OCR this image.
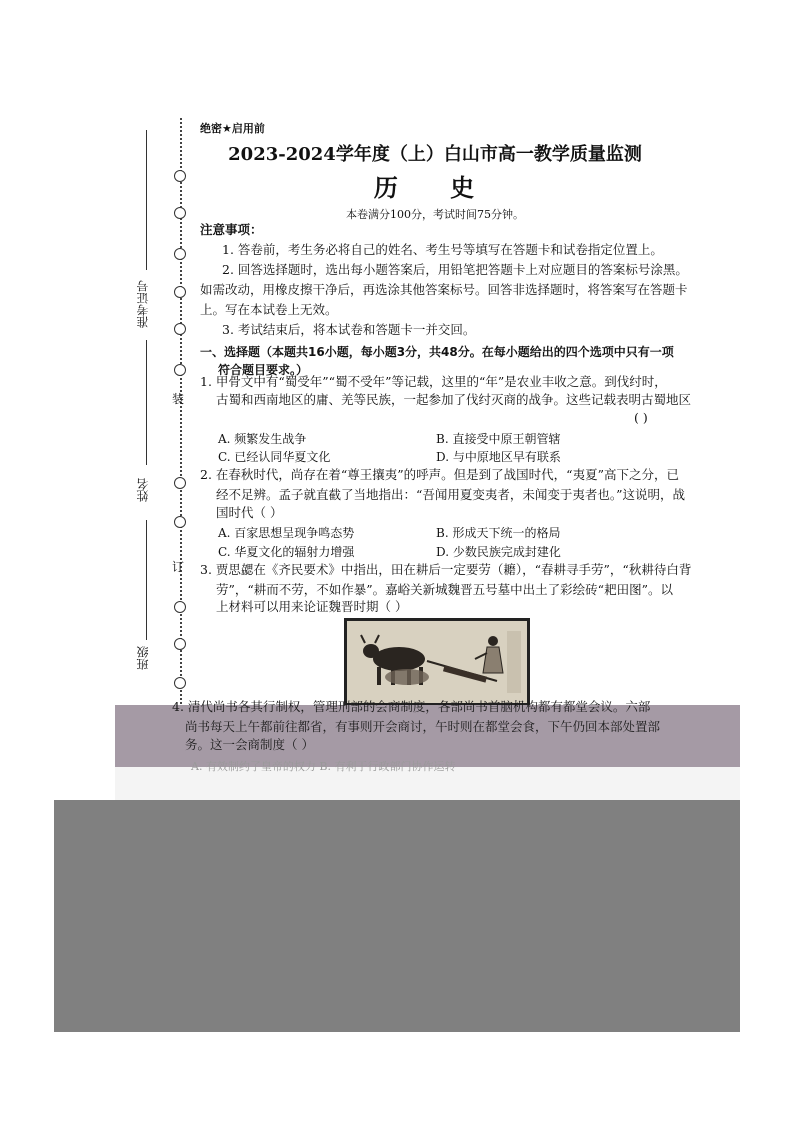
装
订
准考证号
姓名
班级
绝密★启用前
2023-2024学年度（上）白山市高一教学质量监测
历 史
本卷满分100分，考试时间75分钟。
注意事项：
1. 答卷前，考生务必将自己的姓名、考生号等填写在答题卡和试卷指定位置上。
2. 回答选择题时，选出每小题答案后，用铅笔把答题卡上对应题目的答案标号涂黑。
如需改动，用橡皮擦干净后，再选涂其他答案标号。回答非选择题时，将答案写在答题卡
上。写在本试卷上无效。
3. 考试结束后，将本试卷和答题卡一并交回。
一、选择题（本题共16小题，每小题3分，共48分。在每小题给出的四个选项中只有一项
符合题目要求。）
1. 甲骨文中有“蜀受年”“蜀不受年”等记载，这里的“年”是农业丰收之意。到伐纣时，
古蜀和西南地区的庸、羌等民族，一起参加了伐纣灭商的战争。这些记载表明古蜀地区
( )
A. 频繁发生战争	B. 直接受中原王朝管辖
C. 已经认同华夏文化	D. 与中原地区早有联系
2. 在春秋时代，尚存在着“尊王攘夷”的呼声。但是到了战国时代，“夷夏”高下之分，已
经不足辨。孟子就直截了当地指出：“吾闻用夏变夷者，未闻变于夷者也。”这说明，战
国时代（ ）
A. 百家思想呈现争鸣态势	B. 形成天下统一的格局
C. 华夏文化的辐射力增强	D. 少数民族完成封建化
3. 贾思勰在《齐民要术》中指出，田在耕后一定要劳（耱），“春耕寻手劳”，“秋耕待白背
劳”，“耕而不劳，不如作暴”。嘉峪关新城魏晋五号墓中出土了彩绘砖“耙田图”。以
上材料可以用来论证魏晋时期（ ）
4. 清代尚书各其行制权，管理刑部的会商制度，各部尚书首脑机构都有都堂会议。六部
尚书每天上午都前往都省，有事则开会商讨，午时则在都堂会食，下午仍回本部处置部
务。这一会商制度（ ）
A. 有效制约了皇帝的权力 B. 有利于行政部门协作运转
